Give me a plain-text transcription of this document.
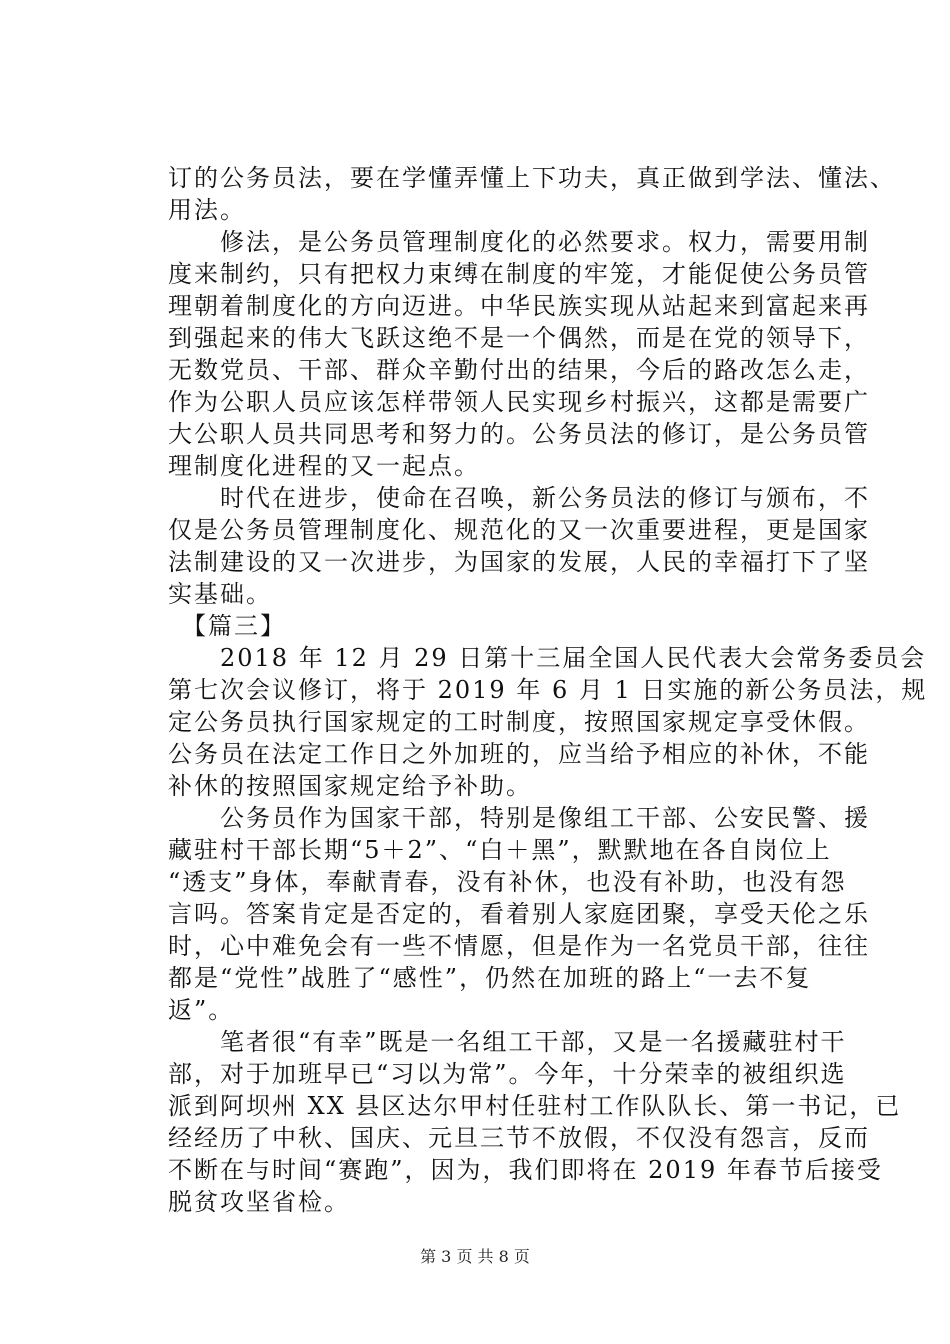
订的公务员法，要在学懂弄懂上下功夫，真正做到学法、懂法、
用法。
　　修法，是公务员管理制度化的必然要求。权力，需要用制
度来制约，只有把权力束缚在制度的牢笼，才能促使公务员管
理朝着制度化的方向迈进。中华民族实现从站起来到富起来再
到强起来的伟大飞跃这绝不是一个偶然，而是在党的领导下，
无数党员、干部、群众辛勤付出的结果，今后的路改怎么走，
作为公职人员应该怎样带领人民实现乡村振兴，这都是需要广
大公职人员共同思考和努力的。公务员法的修订，是公务员管
理制度化进程的又一起点。
　　时代在进步，使命在召唤，新公务员法的修订与颁布，不
仅是公务员管理制度化、规范化的又一次重要进程，更是国家
法制建设的又一次进步，为国家的发展，人民的幸福打下了坚
实基础。
　【篇三】
　　2018 年 12 月 29 日第十三届全国人民代表大会常务委员会
第七次会议修订，将于 2019 年 6 月 1 日实施的新公务员法，规
定公务员执行国家规定的工时制度，按照国家规定享受休假。
公务员在法定工作日之外加班的，应当给予相应的补休，不能
补休的按照国家规定给予补助。
　　公务员作为国家干部，特别是像组工干部、公安民警、援
藏驻村干部长期“5＋2”、“白＋黑”，默默地在各自岗位上
“透支”身体，奉献青春，没有补休，也没有补助，也没有怨
言吗。答案肯定是否定的，看着别人家庭团聚，享受天伦之乐
时，心中难免会有一些不情愿，但是作为一名党员干部，往往
都是“党性”战胜了“感性”，仍然在加班的路上“一去不复
返”。
　　笔者很“有幸”既是一名组工干部，又是一名援藏驻村干
部，对于加班早已“习以为常”。今年，十分荣幸的被组织选
派到阿坝州 XX 县区达尔甲村任驻村工作队队长、第一书记，已
经经历了中秋、国庆、元旦三节不放假，不仅没有怨言，反而
不断在与时间“赛跑”，因为，我们即将在 2019 年春节后接受
脱贫攻坚省检。
第 3 页 共 8 页
